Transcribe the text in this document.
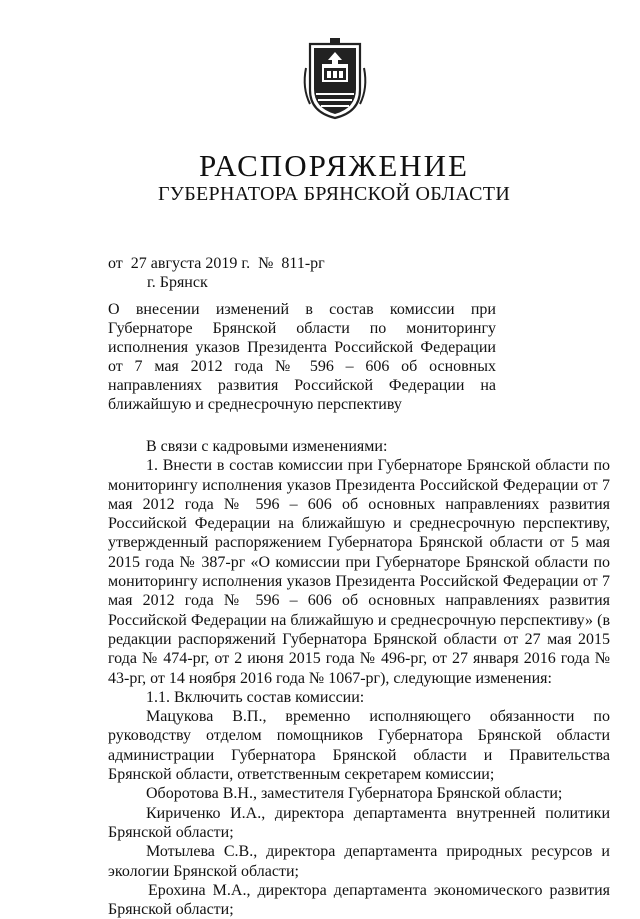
РАСПОРЯЖЕНИЕ
ГУБЕРНАТОРА БРЯНСКОЙ ОБЛАСТИ
от  27 августа 2019 г.  №  811-рг
г. Брянск
О внесении изменений в состав комиссии при Губернаторе Брянской области по мониторингу исполнения указов Президента Российской Федерации от 7 мая 2012 года № 596 – 606 об основных направлениях развития Российской Федерации на ближайшую и среднесрочную перспективу

В связи с кадровыми изменениями:

1. Внести в состав комиссии при Губернаторе Брянской области по мониторингу исполнения указов Президента Российской Федерации от 7 мая 2012 года № 596 – 606 об основных направлениях развития Российской Федерации на ближайшую и среднесрочную перспективу, утвержденный распоряжением Губернатора Брянской области от 5 мая 2015 года № 387-рг «О комиссии при Губернаторе Брянской области по мониторингу исполнения указов Президента Российской Федерации от 7 мая 2012 года № 596 – 606 об основных направлениях развития Российской Федерации на ближайшую и среднесрочную перспективу» (в редакции распоряжений Губернатора Брянской области от 27 мая 2015 года № 474-рг, от 2 июня 2015 года № 496-рг, от 27 января 2016 года № 43-рг, от 14 ноября 2016 года № 1067-рг), следующие изменения:

1.1. Включить состав комиссии:

Мацукова В.П., временно исполняющего обязанности по руководству отделом помощников Губернатора Брянской области администрации Губернатора Брянской области и Правительства Брянской области, ответственным секретарем комиссии;

Оборотова В.Н., заместителя Губернатора Брянской области;

Кириченко И.А., директора департамента внутренней политики Брянской области;

Мотылева С.В., директора департамента природных ресурсов и экологии Брянской области;

Ерохина М.А., директора департамента экономического развития Брянской области;
